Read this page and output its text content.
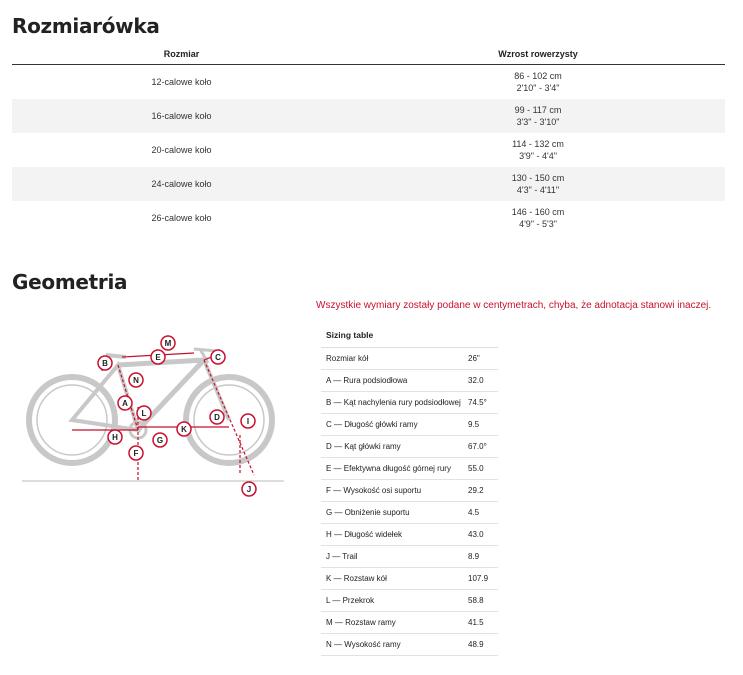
Rozmiarówka
Rozmiar	Wzrost rowerzysty
12-calowe koło	86 - 102 cm
2'10" - 3'4"

16-calowe koło	99 - 117 cm
3'3" - 3'10"

20-calowe koło	114 - 132 cm
3'9" - 4'4"

24-calowe koło	130 - 150 cm
4'3" - 4'11"

26-calowe koło	146 - 160 cm
4'9" - 5'3"
Geometria
Wszystkie wymiary zostały podane w centymetrach, chyba, że adnotacja stanowi inaczej.
M
E	C
B
N
A
L	D	I
K
H	G
F
J
Sizing table	
Rozmiar kół	26"
A — Rura podsiodłowa	32.0
B — Kąt nachylenia rury podsiodłowej	74.5°
C — Długość główki ramy	9.5
D — Kąt główki ramy	67.0°
E — Efektywna długość górnej rury	55.0
F — Wysokość osi suportu	29.2
G — Obniżenie suportu	4.5
H — Długość widełek	43.0
J — Trail	8.9
K — Rozstaw kół	107.9
L — Przekrok	58.8
M — Rozstaw ramy	41.5
N — Wysokość ramy	48.9
